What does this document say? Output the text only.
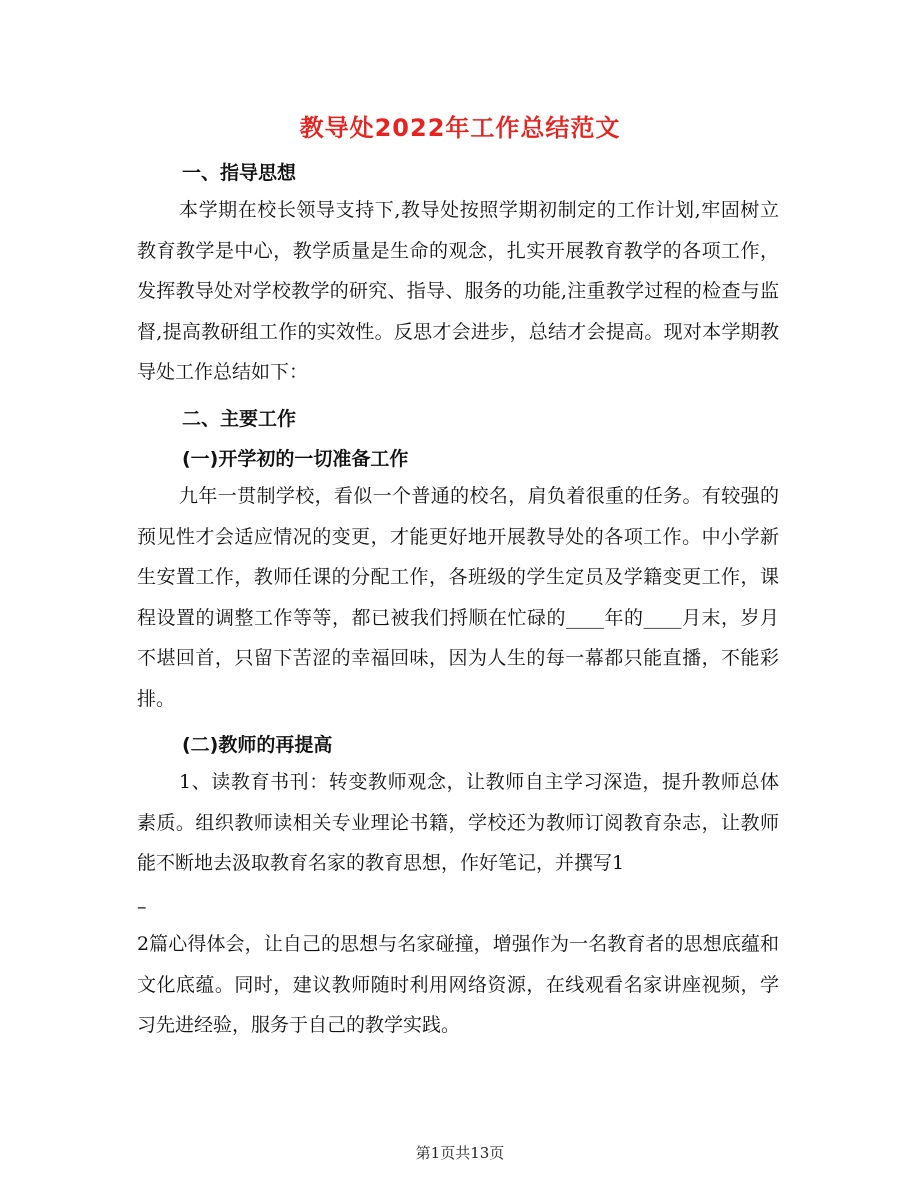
教导处2022年工作总结范文
一、指导思想

本学期在校长领导支持下,教导处按照学期初制定的工作计划,牢固树立教育教学是中心，教学质量是生命的观念，扎实开展教育教学的各项工作，发挥教导处对学校教学的研究、指导、服务的功能,注重教学过程的检查与监督,提高教研组工作的实效性。反思才会进步，总结才会提高。现对本学期教导处工作总结如下：

二、主要工作
(一)开学初的一切准备工作

九年一贯制学校，看似一个普通的校名，肩负着很重的任务。有较强的预见性才会适应情况的变更，才能更好地开展教导处的各项工作。中小学新生安置工作，教师任课的分配工作，各班级的学生定员及学籍变更工作，课程设置的调整工作等等，都已被我们捋顺在忙碌的____年的____月末，岁月不堪回首，只留下苦涩的幸福回味，因为人生的每一幕都只能直播，不能彩排。

(二)教师的再提高

1、读教育书刊：转变教师观念，让教师自主学习深造，提升教师总体素质。组织教师读相关专业理论书籍，学校还为教师订阅教育杂志，让教师能不断地去汲取教育名家的教育思想，作好笔记，并撰写1

–

2篇心得体会，让自己的思想与名家碰撞，增强作为一名教育者的思想底蕴和文化底蕴。同时，建议教师随时利用网络资源，在线观看名家讲座视频，学习先进经验，服务于自己的教学实践。

第1页共13页
